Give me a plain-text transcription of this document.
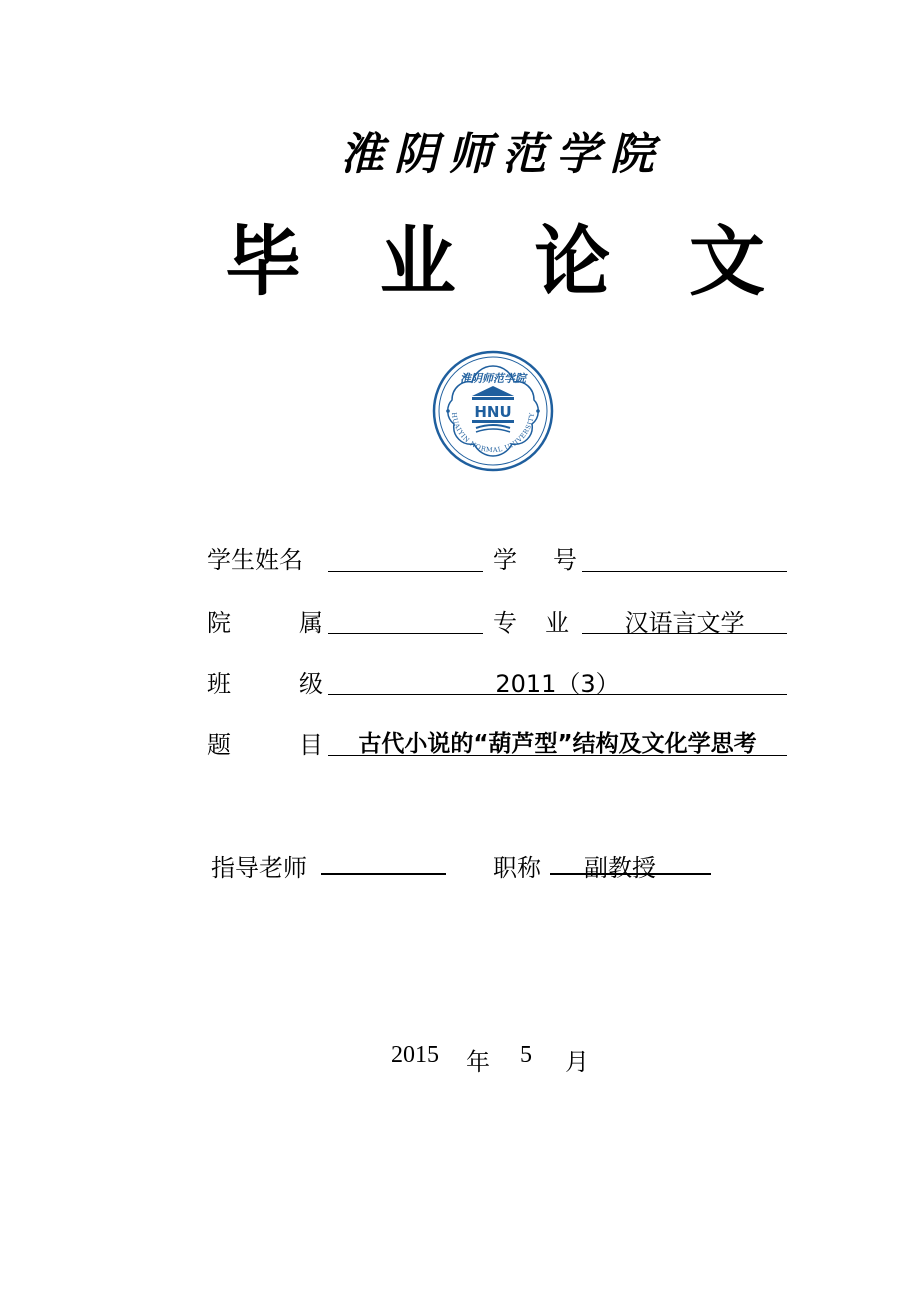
淮阴师范学院
毕 业 论 文
HNU
淮阴师范学院
HUAIYIN NORMAL UNIVERSITY
学生姓名	学　号
院　属	专　业	汉语言文学
班　级	2011（3）
题　目 古代小说的“葫芦型”结构及文化学思考
指导老师	职称	副教授
2015 年 5 月
